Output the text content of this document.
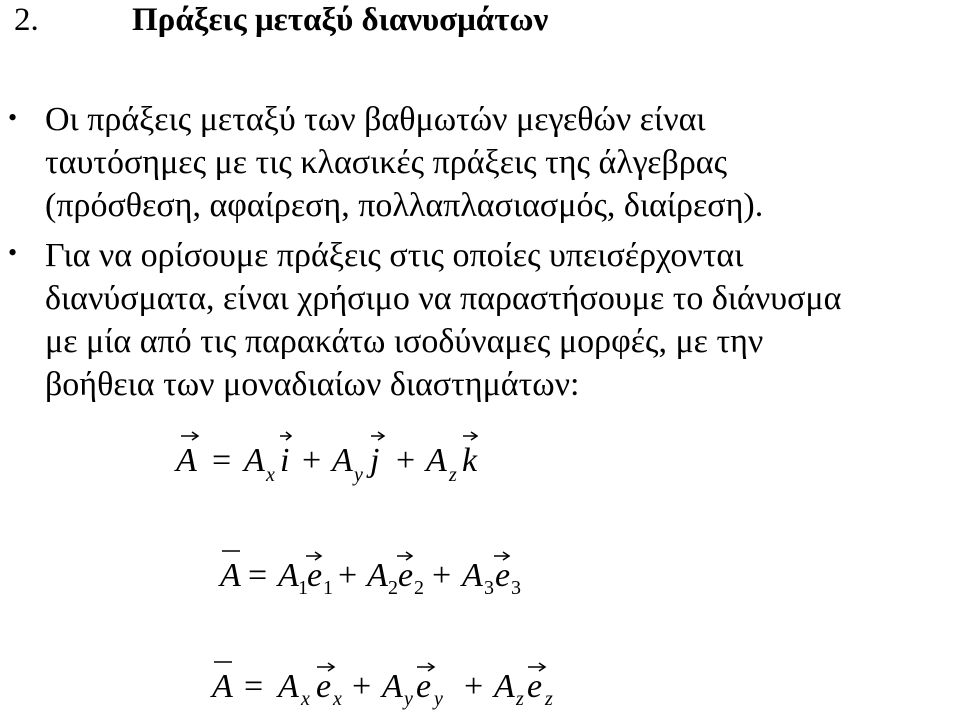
2.	Πράξεις μεταξύ διανυσμάτων
• Οι πράξεις μεταξύ των βαθμωτών μεγεθών είναι
ταυτόσημες με τις κλασικές πράξεις της άλγεβρας
(πρόσθεση, αφαίρεση, πολλαπλασιασμός, διαίρεση).
• Για να ορίσουμε πράξεις στις οποίες υπεισέρχονται
διανύσματα, είναι χρήσιμο να παραστήσουμε το διάνυσμα
με μία από τις παρακάτω ισοδύναμες μορφές, με την
βοήθεια των μοναδιαίων διαστημάτων:
A = A x i + A y j + A z k
A = A 1 e 1 + A 2 e 2 + A 3 e 3
A = A x e x + A y e y + A z e z
